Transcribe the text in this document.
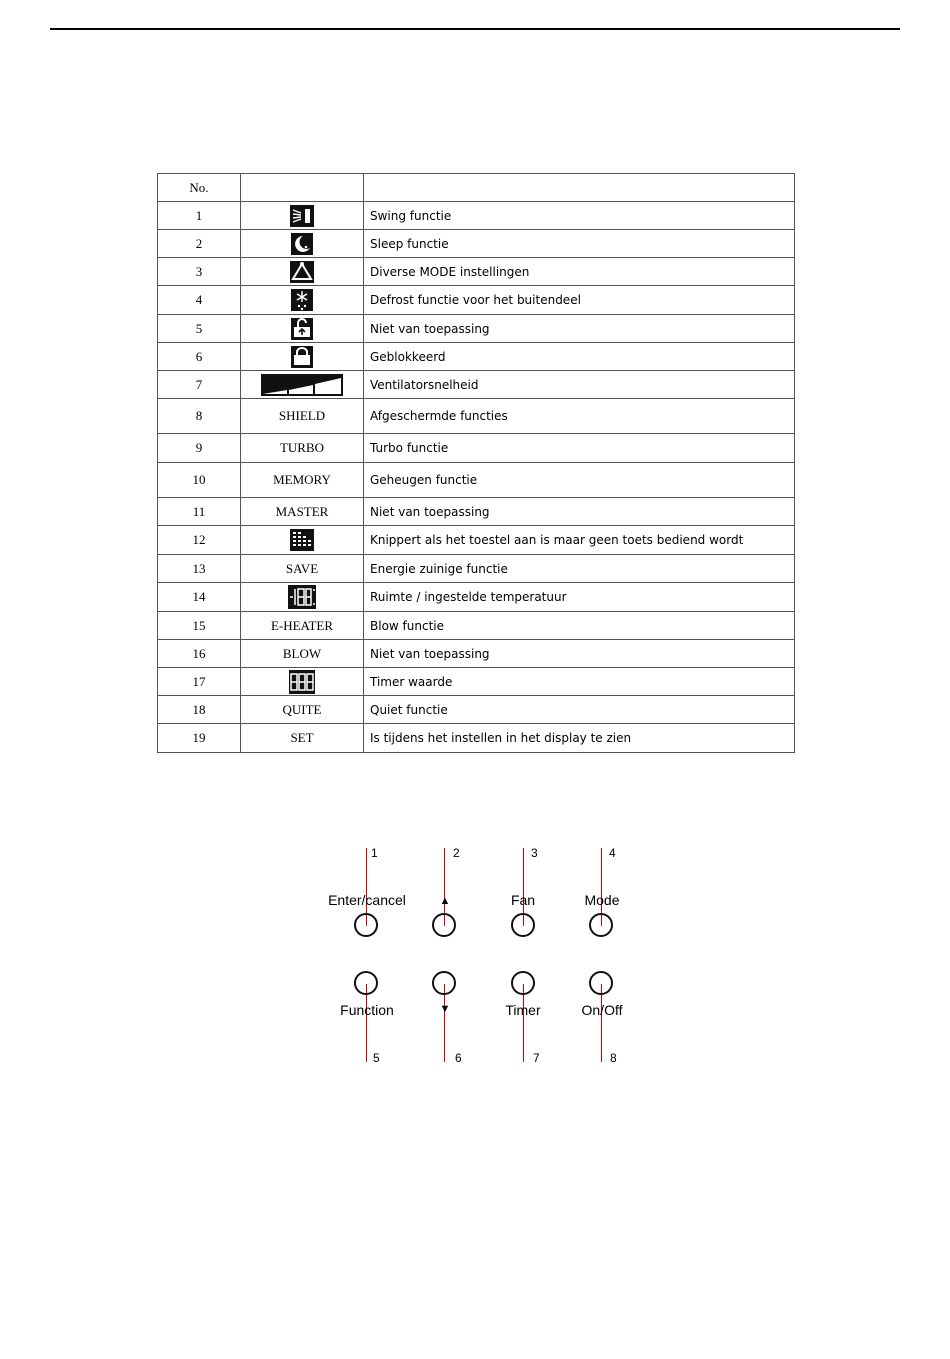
No.		
1		Swing functie
2		Sleep functie
3		Diverse MODE instellingen
4		Defrost functie voor het buitendeel
5		Niet van toepassing
6		Geblokkeerd
7		Ventilatorsnelheid
8	SHIELD	Afgeschermde functies
9	TURBO	Turbo functie
10	MEMORY	Geheugen functie
11	MASTER	Niet van toepassing
12		Knippert als het toestel aan is maar geen toets bediend wordt
13	SAVE	Energie zuinige functie
14		Ruimte / ingestelde temperatuur
15	E-HEATER	Blow functie
16	BLOW	Niet van toepassing
17		Timer waarde
18	QUITE	Quiet functie
19	SET	Is tijdens het instellen in het display te zien
1	2	3	4
Enter/cancel	▲	Fan	Mode
Function	▼	Timer	On/Off
5	6	7	8
